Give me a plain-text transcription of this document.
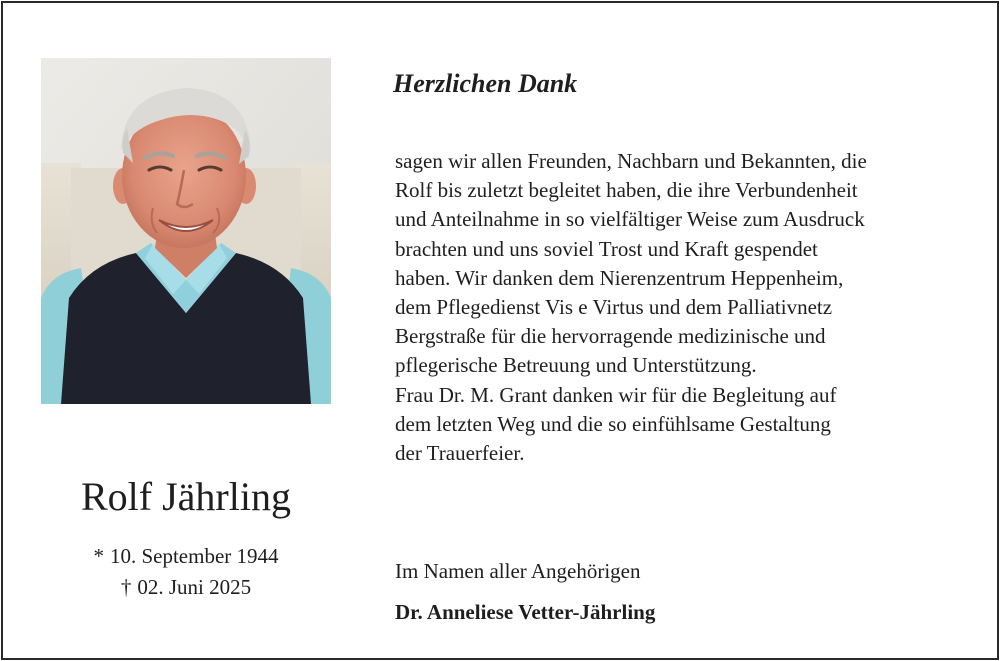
Rolf Jährling
* 10. September 1944
† 02. Juni 2025
Herzlichen Dank
sagen wir allen Freunden, Nachbarn und Bekannten, die
Rolf bis zuletzt begleitet haben, die ihre Verbundenheit
und Anteilnahme in so vielfältiger Weise zum Ausdruck
brachten und uns soviel Trost und Kraft gespendet
haben. Wir danken dem Nierenzentrum Heppenheim,
dem Pflegedienst Vis e Virtus und dem Palliativnetz
Bergstraße für die hervorragende medizinische und
pflegerische Betreuung und Unterstützung.
Frau Dr. M. Grant danken wir für die Begleitung auf
dem letzten Weg und die so einfühlsame Gestaltung
der Trauerfeier.
Im Namen aller Angehörigen
Dr. Anneliese Vetter-Jährling
